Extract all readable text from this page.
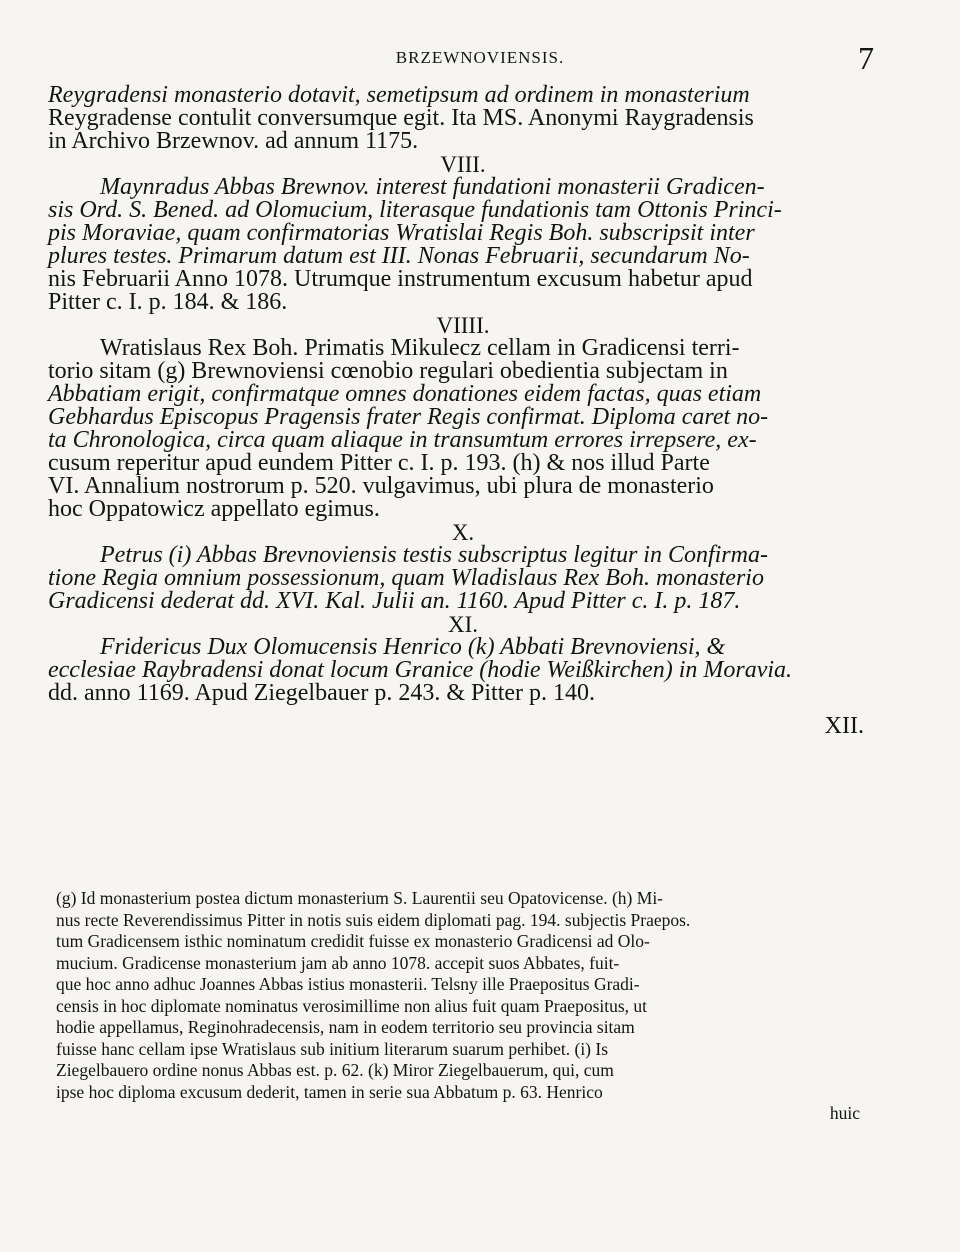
BRZEWNOVIENSIS.	7
Reygradensi monasterio dotavit, semetipsum ad ordinem in monasterium
Reygradense contulit conversumque egit. Ita MS. Anonymi Raygradensis
in Archivo Brzewnov. ad annum 1175.
VIII.
Maynradus Abbas Brewnov. interest fundationi monasterii Gradicen-
sis Ord. S. Bened. ad Olomucium, literasque fundationis tam Ottonis Princi-
pis Moraviae, quam confirmatorias Wratislai Regis Boh. subscripsit inter
plures testes. Primarum datum est III. Nonas Februarii, secundarum No-
nis Februarii Anno 1078. Utrumque instrumentum excusum habetur apud
Pitter c. I. p. 184. & 186.
VIIII.
Wratislaus Rex Boh. Primatis Mikulecz cellam in Gradicensi terri-
torio sitam (g) Brewnoviensi cœnobio regulari obedientia subjectam in
Abbatiam erigit, confirmatque omnes donationes eidem factas, quas etiam
Gebhardus Episcopus Pragensis frater Regis confirmat. Diploma caret no-
ta Chronologica, circa quam aliaque in transumtum errores irrepsere, ex-
cusum reperitur apud eundem Pitter c. I. p. 193. (h) & nos illud Parte
VI. Annalium nostrorum p. 520. vulgavimus, ubi plura de monasterio
hoc Oppatowicz appellato egimus.
X.
Petrus (i) Abbas Brevnoviensis testis subscriptus legitur in Confirma-
tione Regia omnium possessionum, quam Wladislaus Rex Boh. monasterio
Gradicensi dederat dd. XVI. Kal. Julii an. 1160. Apud Pitter c. I. p. 187.
XI.
Fridericus Dux Olomucensis Henrico (k) Abbati Brevnoviensi, &
ecclesiae Raybradensi donat locum Granice (hodie Weißkirchen) in Moravia.
dd. anno 1169. Apud Ziegelbauer p. 243. & Pitter p. 140.
XII.
(g) Id monasterium postea dictum monasterium S. Laurentii seu Opatovicense. (h) Mi-
nus recte Reverendissimus Pitter in notis suis eidem diplomati pag. 194. subjectis Praepos.
tum Gradicensem isthic nominatum credidit fuisse ex monasterio Gradicensi ad Olo-
mucium. Gradicense monasterium jam ab anno 1078. accepit suos Abbates, fuit-
que hoc anno adhuc Joannes Abbas istius monasterii. Telsny ille Praepositus Gradi-
censis in hoc diplomate nominatus verosimillime non alius fuit quam Praepositus, ut
hodie appellamus, Reginohradecensis, nam in eodem territorio seu provincia sitam
fuisse hanc cellam ipse Wratislaus sub initium literarum suarum perhibet. (i) Is
Ziegelbauero ordine nonus Abbas est. p. 62. (k) Miror Ziegelbauerum, qui, cum
ipse hoc diploma excusum dederit, tamen in serie sua Abbatum p. 63. Henrico
huic
